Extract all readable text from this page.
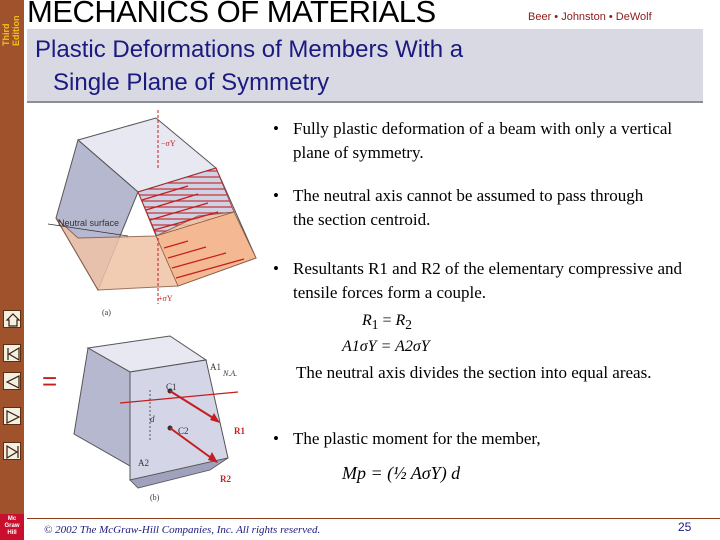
Third Edition
Mc
Graw
Hill
MECHANICS OF MATERIALS	Beer • Johnston • DeWolf
Plastic Deformations of Members With a
Single Plane of Symmetry
−σY
+σY
Neutral surface
(a)
=	N.A.
A1
A2
C1
C2
d
R1
R2
(b)
• Fully plastic deformation of a beam with only a vertical plane of symmetry.
• The neutral axis cannot be assumed to pass through the section centroid.
• Resultants R1 and R2 of the elementary compressive and tensile forces form a couple.
$R_1 = R_2$
A1σY = A2σY
The neutral axis divides the section into equal areas.
• The plastic moment for the member,
Mp = (½ AσY) d
© 2002 The McGraw-Hill Companies, Inc. All rights reserved.	25
